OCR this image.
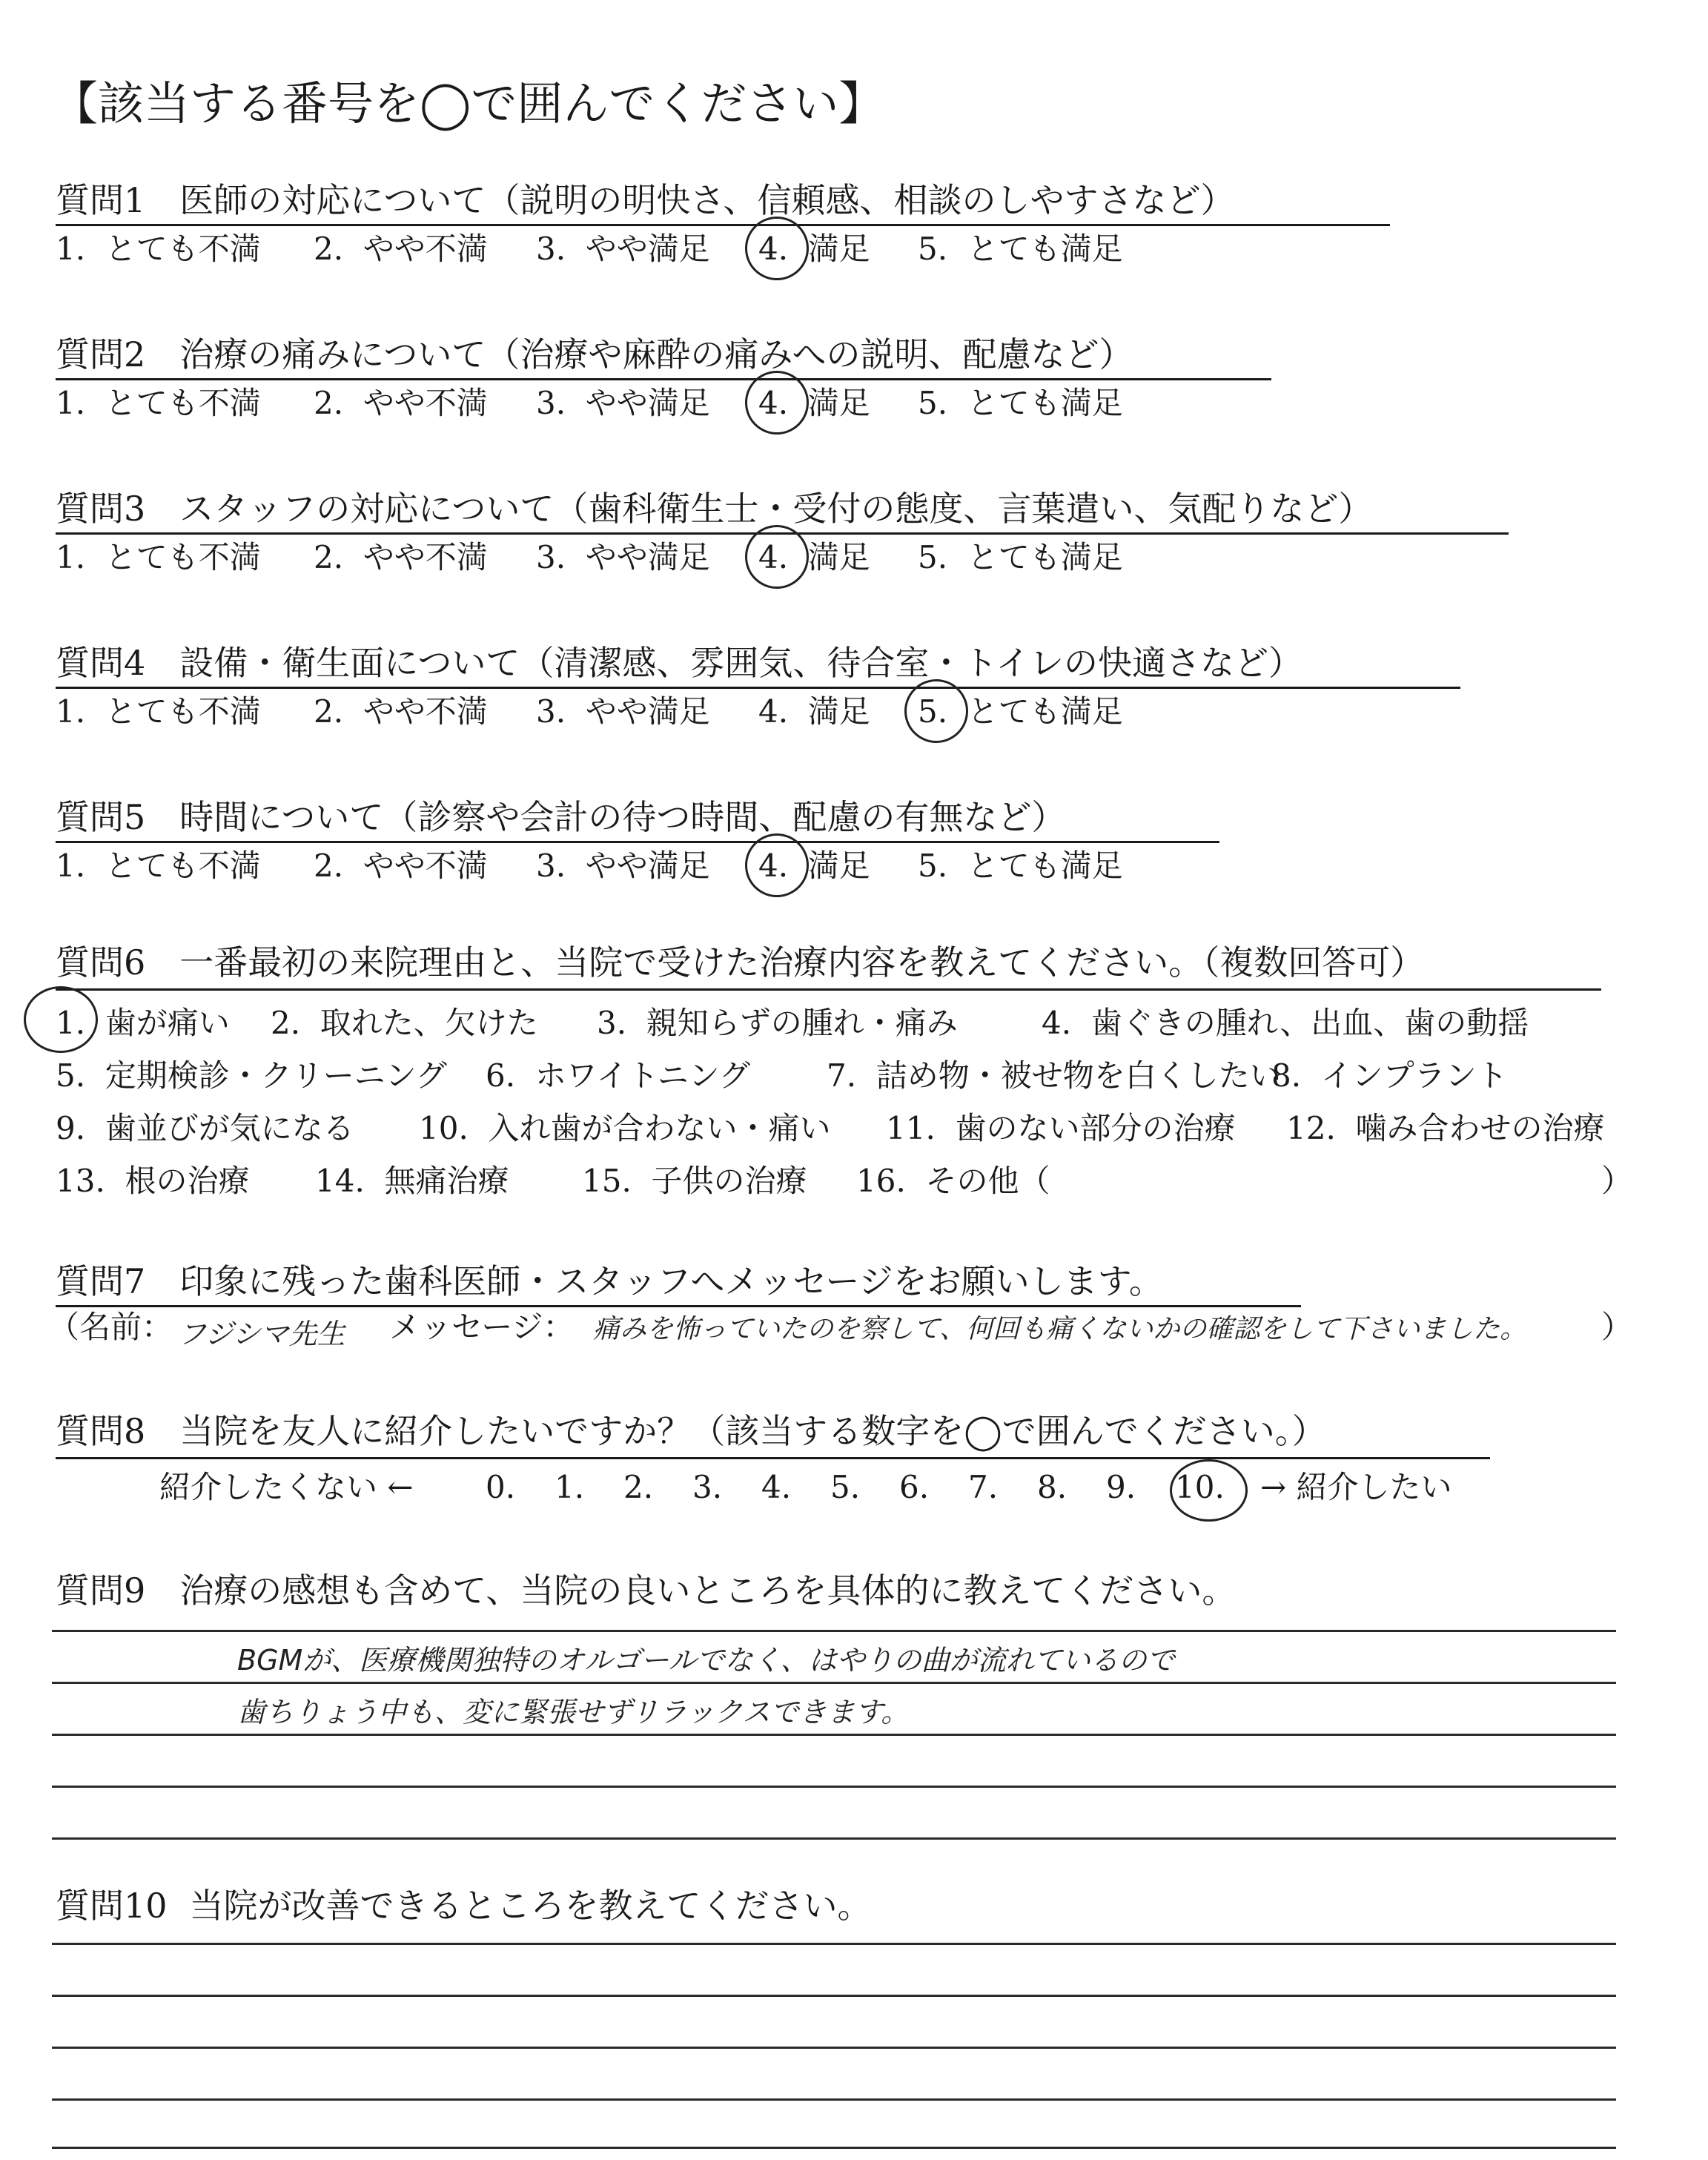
【該当する番号を◯で囲んでください】
質問1 医師の対応について（説明の明快さ、信頼感、相談のしやすさなど）
1.  とても不満	2.  やや不満	3.  やや満足	4.  満足	5.  とても満足
質問2 治療の痛みについて（治療や麻酔の痛みへの説明、配慮など）
1.  とても不満	2.  やや不満	3.  やや満足	4.  満足	5.  とても満足
質問3 スタッフの対応について（歯科衛生士・受付の態度、言葉遣い、気配りなど）
1.  とても不満	2.  やや不満	3.  やや満足	4.  満足	5.  とても満足
質問4 設備・衛生面について（清潔感、雰囲気、待合室・トイレの快適さなど）
1.  とても不満	2.  やや不満	3.  やや満足	4.  満足	5.  とても満足
質問5 時間について（診察や会計の待つ時間、配慮の有無など）
1.  とても不満	2.  やや不満	3.  やや満足	4.  満足	5.  とても満足
質問6 一番最初の来院理由と、当院で受けた治療内容を教えてください。（複数回答可）
1.  歯が痛い	2.  取れた、欠けた	3.  親知らずの腫れ・痛み	4.  歯ぐきの腫れ、出血、歯の動揺
5.  定期検診・クリーニング	6.  ホワイトニング	7.  詰め物・被せ物を白くしたい
8.  インプラント
9.  歯並びが気になる	10.  入れ歯が合わない・痛い	11.  歯のない部分の治療	12.  噛み合わせの治療
13.  根の治療	14.  無痛治療	15.  子供の治療	16.  その他（	）
質問7 印象に残った歯科医師・スタッフへメッセージをお願いします。
（名前： フジシマ先生 メッセージ： 痛みを怖っていたのを察して、何回も痛くないかの確認をして下さいました。 ）
質問8 当院を友人に紹介したいですか？（該当する数字を◯で囲んでください。）
紹介したくない ← 0.	1.	2.	3.	4.	5.	6.	7.	8.	9.	10.	→ 紹介したい
質問9 治療の感想も含めて、当院の良いところを具体的に教えてください。
BGMが、医療機関独特のオルゴールでなく、はやりの曲が流れているので
歯ちりょう中も、変に緊張せずリラックスできます。
質問10 当院が改善できるところを教えてください。
